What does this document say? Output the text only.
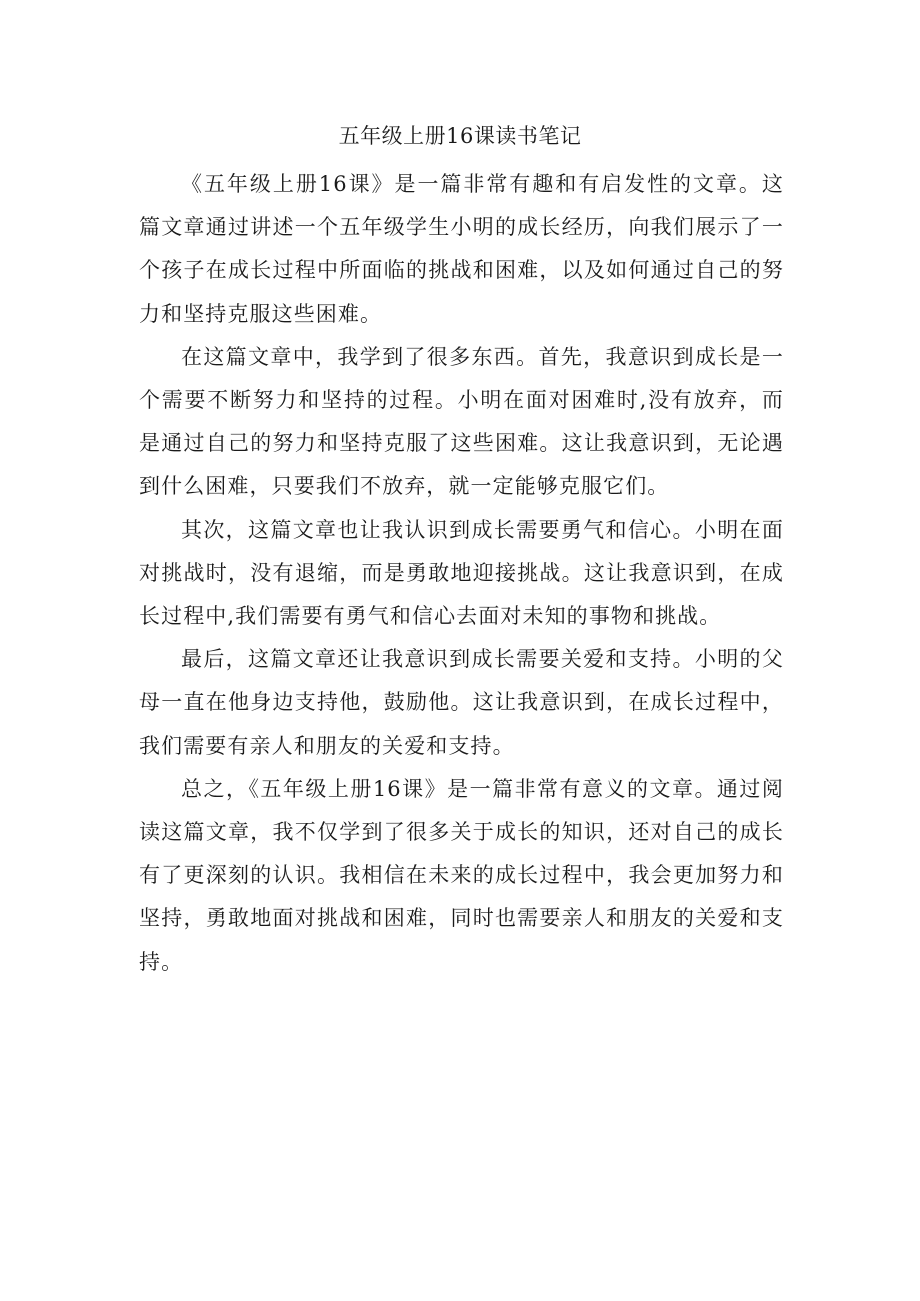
五年级上册16课读书笔记

《五年级上册16课》是一篇非常有趣和有启发性的文章。这篇文章通过讲述一个五年级学生小明的成长经历，向我们展示了一个孩子在成长过程中所面临的挑战和困难，以及如何通过自己的努力和坚持克服这些困难。

在这篇文章中，我学到了很多东西。首先，我意识到成长是一个需要不断努力和坚持的过程。小明在面对困难时,没有放弃，而是通过自己的努力和坚持克服了这些困难。这让我意识到，无论遇到什么困难，只要我们不放弃，就一定能够克服它们。

其次，这篇文章也让我认识到成长需要勇气和信心。小明在面对挑战时，没有退缩，而是勇敢地迎接挑战。这让我意识到，在成长过程中,我们需要有勇气和信心去面对未知的事物和挑战。

最后，这篇文章还让我意识到成长需要关爱和支持。小明的父母一直在他身边支持他，鼓励他。这让我意识到，在成长过程中，我们需要有亲人和朋友的关爱和支持。

总之，《五年级上册16课》是一篇非常有意义的文章。通过阅读这篇文章，我不仅学到了很多关于成长的知识，还对自己的成长有了更深刻的认识。我相信在未来的成长过程中，我会更加努力和坚持，勇敢地面对挑战和困难，同时也需要亲人和朋友的关爱和支持。
